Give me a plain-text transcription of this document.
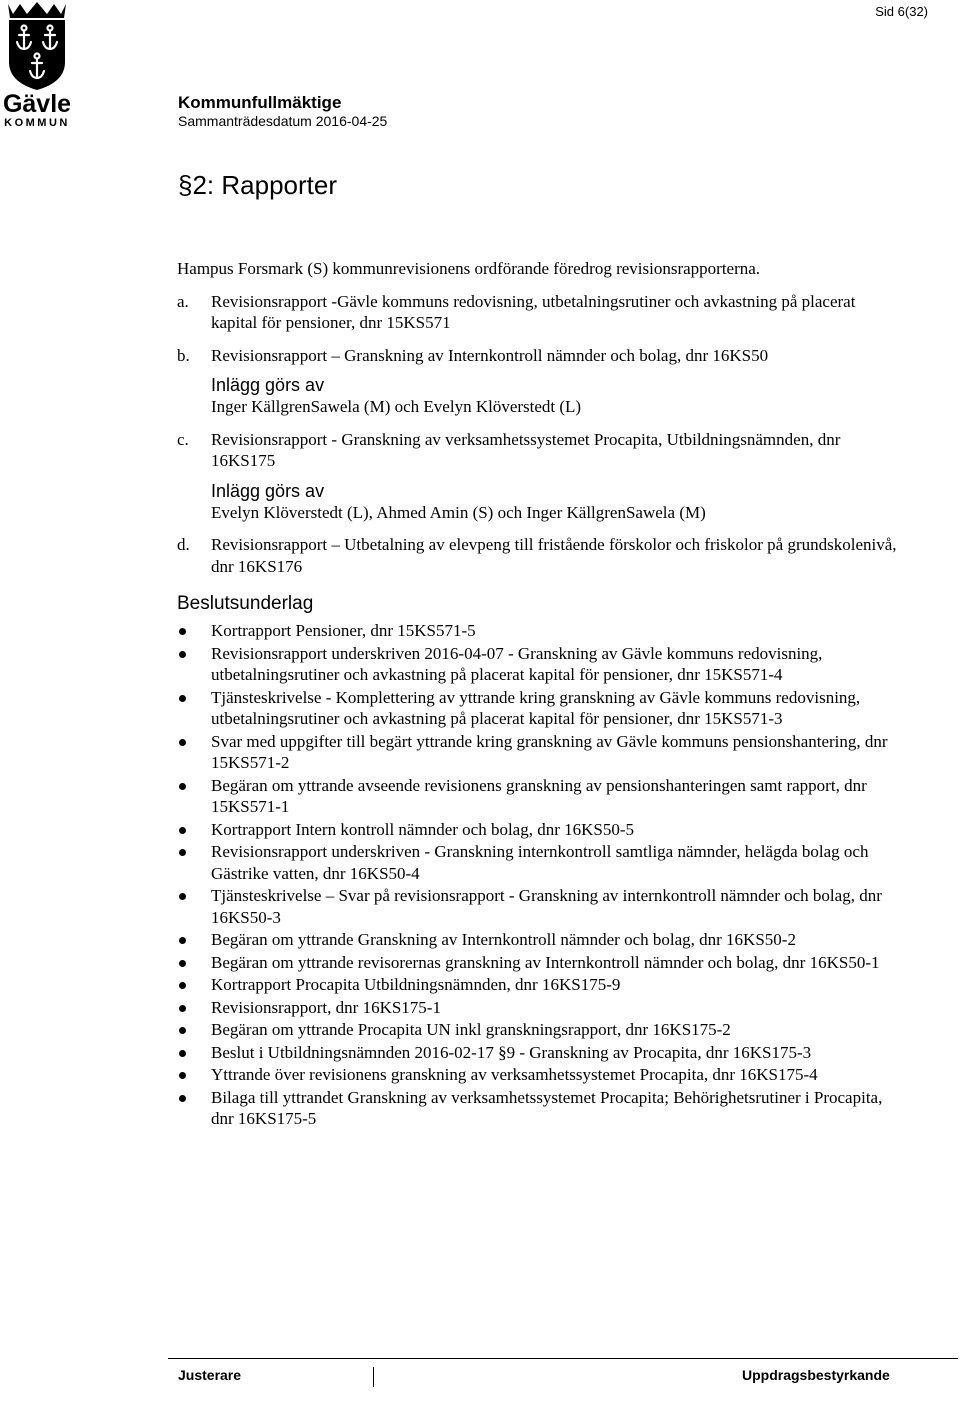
Gävle
KOMMUN
Sid 6(32)
Kommunfullmäktige
Sammanträdesdatum 2016-04-25
§2: Rapporter

Hampus Forsmark (S) kommunrevisionens ordförande föredrog revisionsrapporterna.

a. Revisionsrapport -Gävle kommuns redovisning, utbetalningsrutiner och avkastning på placerat kapital för pensioner, dnr 15KS571

b. Revisionsrapport – Granskning av Internkontroll nämnder och bolag, dnr 16KS50

Inlägg görs av

Inger KällgrenSawela (M) och Evelyn Klöverstedt (L)

c. Revisionsrapport - Granskning av verksamhetssystemet Procapita, Utbildningsnämnden, dnr 16KS175

Inlägg görs av

Evelyn Klöverstedt (L), Ahmed Amin (S) och Inger KällgrenSawela (M)

d. Revisionsrapport – Utbetalning av elevpeng till fristående förskolor och friskolor på grundskolenivå, dnr 16KS176

Beslutsunderlag
Kortrapport Pensioner, dnr 15KS571-5
Revisionsrapport underskriven 2016-04-07 - Granskning av Gävle kommuns redovisning, utbetalningsrutiner och avkastning på placerat kapital för pensioner, dnr 15KS571-4
Tjänsteskrivelse - Komplettering av yttrande kring granskning av Gävle kommuns redovisning, utbetalningsrutiner och avkastning på placerat kapital för pensioner, dnr 15KS571-3
Svar med uppgifter till begärt yttrande kring granskning av Gävle kommuns pensionshantering, dnr 15KS571-2
Begäran om yttrande avseende revisionens granskning av pensionshanteringen samt rapport, dnr 15KS571-1
Kortrapport Intern kontroll nämnder och bolag, dnr 16KS50-5
Revisionsrapport underskriven - Granskning internkontroll samtliga nämnder, helägda bolag och Gästrike vatten, dnr 16KS50-4
Tjänsteskrivelse – Svar på revisionsrapport - Granskning av internkontroll nämnder och bolag, dnr 16KS50-3
Begäran om yttrande Granskning av Internkontroll nämnder och bolag, dnr 16KS50-2
Begäran om yttrande revisorernas granskning av Internkontroll nämnder och bolag, dnr 16KS50-1
Kortrapport Procapita Utbildningsnämnden, dnr 16KS175-9
Revisionsrapport, dnr 16KS175-1
Begäran om yttrande Procapita UN inkl granskningsrapport, dnr 16KS175-2
Beslut i Utbildningsnämnden 2016-02-17 §9 - Granskning av Procapita, dnr 16KS175-3
Yttrande över revisionens granskning av verksamhetssystemet Procapita, dnr 16KS175-4
Bilaga till yttrandet Granskning av verksamhetssystemet Procapita; Behörighetsrutiner i Procapita, dnr 16KS175-5
Justerare	Uppdragsbestyrkande
